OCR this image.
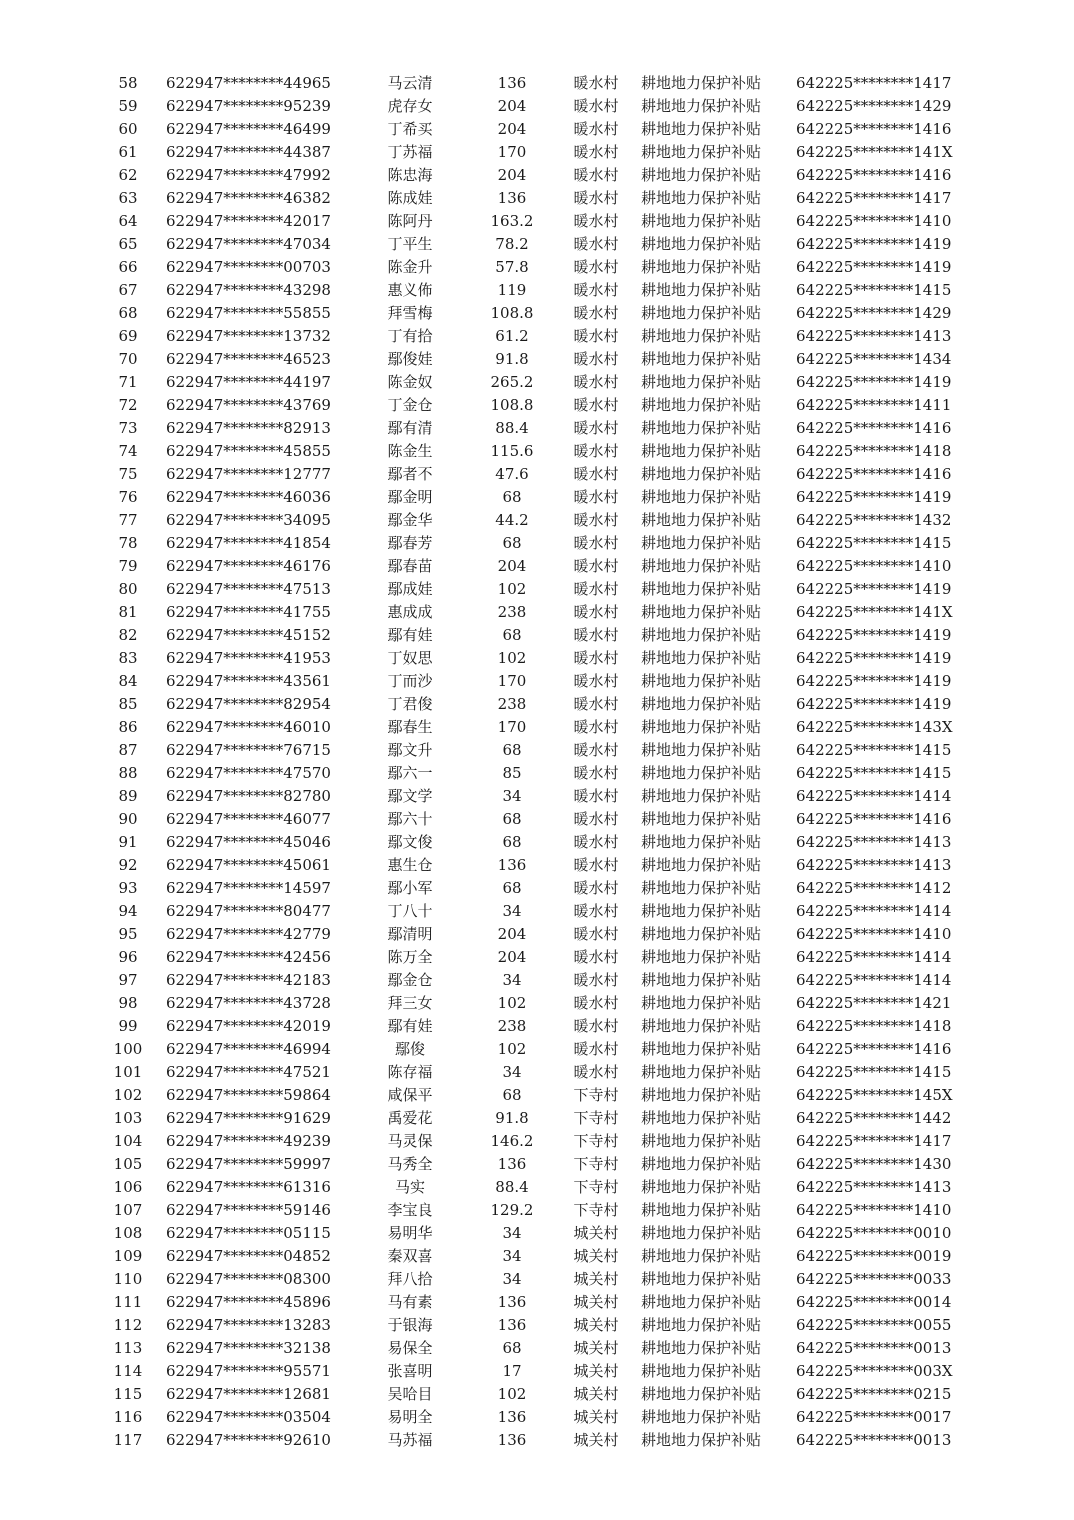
58	622947********44965	马云清	136	暖水村	耕地地力保护补贴	642225********1417
59	622947********95239	虎存女	204	暖水村	耕地地力保护补贴	642225********1429
60	622947********46499	丁希买	204	暖水村	耕地地力保护补贴	642225********1416
61	622947********44387	丁苏福	170	暖水村	耕地地力保护补贴	642225********141X
62	622947********47992	陈忠海	204	暖水村	耕地地力保护补贴	642225********1416
63	622947********46382	陈成娃	136	暖水村	耕地地力保护补贴	642225********1417
64	622947********42017	陈阿丹	163.2	暖水村	耕地地力保护补贴	642225********1410
65	622947********47034	丁平生	78.2	暖水村	耕地地力保护补贴	642225********1419
66	622947********00703	陈金升	57.8	暖水村	耕地地力保护补贴	642225********1419
67	622947********43298	惠义佈	119	暖水村	耕地地力保护补贴	642225********1415
68	622947********55855	拜雪梅	108.8	暖水村	耕地地力保护补贴	642225********1429
69	622947********13732	丁有拾	61.2	暖水村	耕地地力保护补贴	642225********1413
70	622947********46523	鄢俊娃	91.8	暖水村	耕地地力保护补贴	642225********1434
71	622947********44197	陈金奴	265.2	暖水村	耕地地力保护补贴	642225********1419
72	622947********43769	丁金仓	108.8	暖水村	耕地地力保护补贴	642225********1411
73	622947********82913	鄢有清	88.4	暖水村	耕地地力保护补贴	642225********1416
74	622947********45855	陈金生	115.6	暖水村	耕地地力保护补贴	642225********1418
75	622947********12777	鄢者不	47.6	暖水村	耕地地力保护补贴	642225********1416
76	622947********46036	鄢金明	68	暖水村	耕地地力保护补贴	642225********1419
77	622947********34095	鄢金华	44.2	暖水村	耕地地力保护补贴	642225********1432
78	622947********41854	鄢春芳	68	暖水村	耕地地力保护补贴	642225********1415
79	622947********46176	鄢春苗	204	暖水村	耕地地力保护补贴	642225********1410
80	622947********47513	鄢成娃	102	暖水村	耕地地力保护补贴	642225********1419
81	622947********41755	惠成成	238	暖水村	耕地地力保护补贴	642225********141X
82	622947********45152	鄢有娃	68	暖水村	耕地地力保护补贴	642225********1419
83	622947********41953	丁奴思	102	暖水村	耕地地力保护补贴	642225********1419
84	622947********43561	丁而沙	170	暖水村	耕地地力保护补贴	642225********1419
85	622947********82954	丁君俊	238	暖水村	耕地地力保护补贴	642225********1419
86	622947********46010	鄢春生	170	暖水村	耕地地力保护补贴	642225********143X
87	622947********76715	鄢文升	68	暖水村	耕地地力保护补贴	642225********1415
88	622947********47570	鄢六一	85	暖水村	耕地地力保护补贴	642225********1415
89	622947********82780	鄢文学	34	暖水村	耕地地力保护补贴	642225********1414
90	622947********46077	鄢六十	68	暖水村	耕地地力保护补贴	642225********1416
91	622947********45046	鄢文俊	68	暖水村	耕地地力保护补贴	642225********1413
92	622947********45061	惠生仓	136	暖水村	耕地地力保护补贴	642225********1413
93	622947********14597	鄢小军	68	暖水村	耕地地力保护补贴	642225********1412
94	622947********80477	丁八十	34	暖水村	耕地地力保护补贴	642225********1414
95	622947********42779	鄢清明	204	暖水村	耕地地力保护补贴	642225********1410
96	622947********42456	陈万全	204	暖水村	耕地地力保护补贴	642225********1414
97	622947********42183	鄢金仓	34	暖水村	耕地地力保护补贴	642225********1414
98	622947********43728	拜三女	102	暖水村	耕地地力保护补贴	642225********1421
99	622947********42019	鄢有娃	238	暖水村	耕地地力保护补贴	642225********1418
100	622947********46994	鄢俊	102	暖水村	耕地地力保护补贴	642225********1416
101	622947********47521	陈存福	34	暖水村	耕地地力保护补贴	642225********1415
102	622947********59864	咸保平	68	下寺村	耕地地力保护补贴	642225********145X
103	622947********91629	禹爱花	91.8	下寺村	耕地地力保护补贴	642225********1442
104	622947********49239	马灵保	146.2	下寺村	耕地地力保护补贴	642225********1417
105	622947********59997	马秀全	136	下寺村	耕地地力保护补贴	642225********1430
106	622947********61316	马实	88.4	下寺村	耕地地力保护补贴	642225********1413
107	622947********59146	李宝良	129.2	下寺村	耕地地力保护补贴	642225********1410
108	622947********05115	易明华	34	城关村	耕地地力保护补贴	642225********0010
109	622947********04852	秦双喜	34	城关村	耕地地力保护补贴	642225********0019
110	622947********08300	拜八拾	34	城关村	耕地地力保护补贴	642225********0033
111	622947********45896	马有素	136	城关村	耕地地力保护补贴	642225********0014
112	622947********13283	于银海	136	城关村	耕地地力保护补贴	642225********0055
113	622947********32138	易保全	68	城关村	耕地地力保护补贴	642225********0013
114	622947********95571	张喜明	17	城关村	耕地地力保护补贴	642225********003X
115	622947********12681	吴哈目	102	城关村	耕地地力保护补贴	642225********0215
116	622947********03504	易明全	136	城关村	耕地地力保护补贴	642225********0017
117	622947********92610	马苏福	136	城关村	耕地地力保护补贴	642225********0013
